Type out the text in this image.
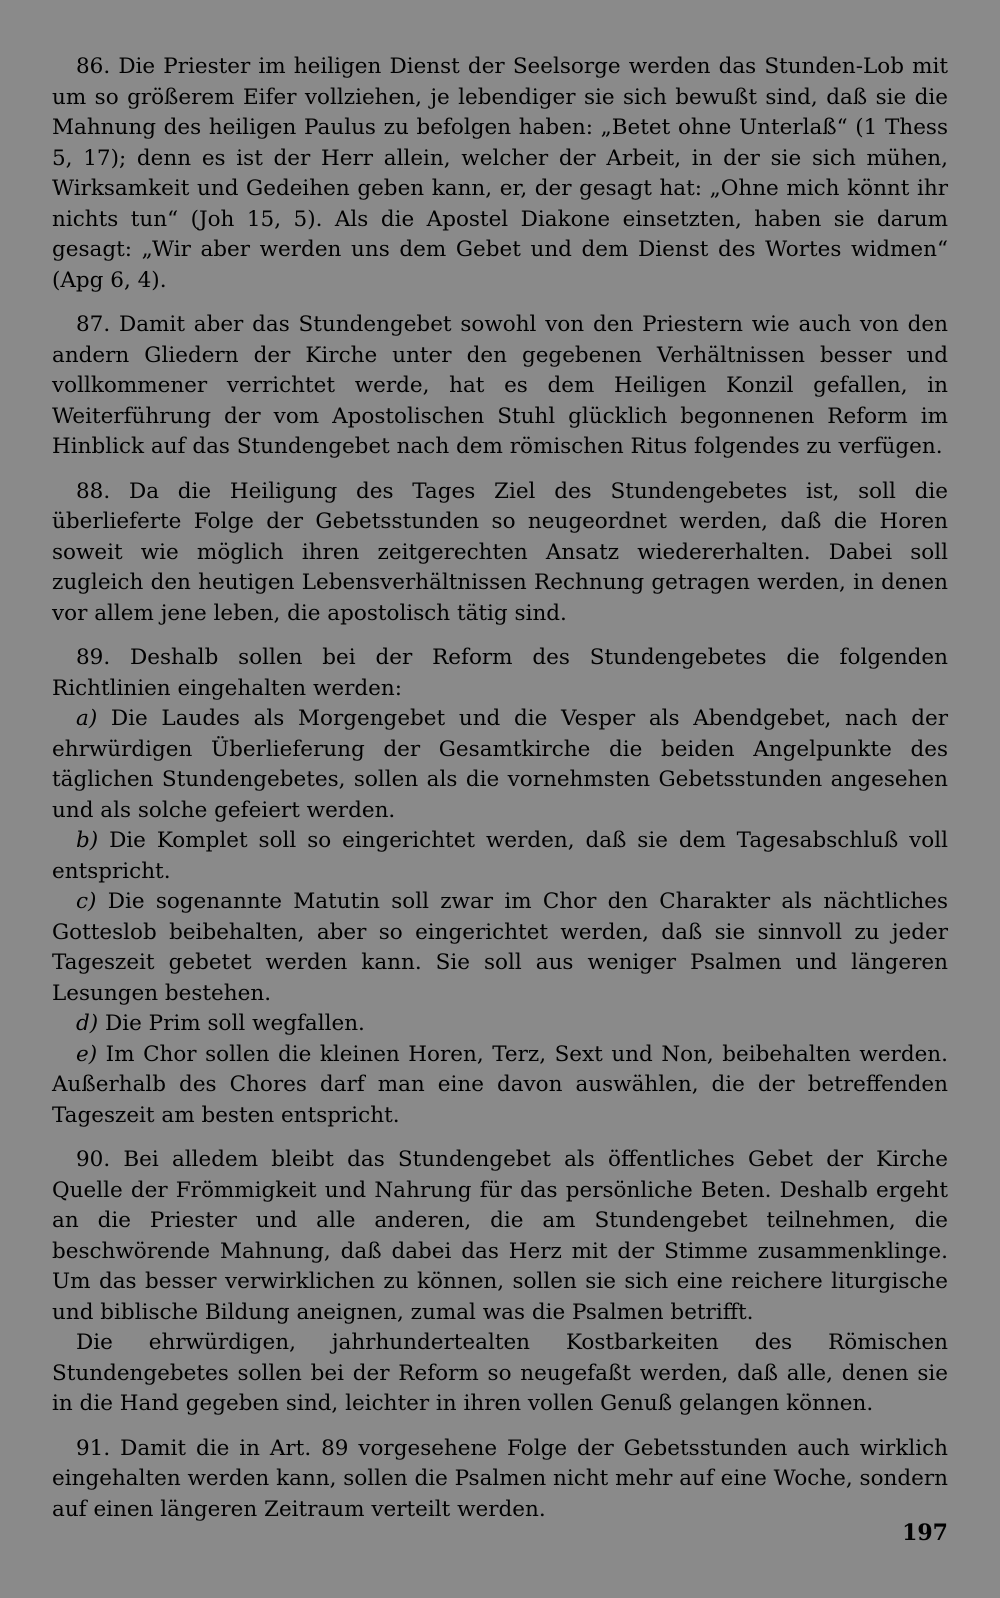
86. Die Priester im heiligen Dienst der Seelsorge werden das Stunden-Lob mit um so größerem Eifer vollziehen, je lebendiger sie sich bewußt sind, daß sie die Mahnung des heiligen Paulus zu befolgen haben: „Betet ohne Unterlaß“ (1 Thess 5, 17); denn es ist der Herr allein, welcher der Arbeit, in der sie sich mühen, Wirksamkeit und Gedeihen geben kann, er, der gesagt hat: „Ohne mich könnt ihr nichts tun“ (Joh 15, 5). Als die Apostel Diakone einsetzten, haben sie darum gesagt: „Wir aber werden uns dem Gebet und dem Dienst des Wortes widmen“ (Apg 6, 4).

87. Damit aber das Stundengebet sowohl von den Priestern wie auch von den andern Gliedern der Kirche unter den gegebenen Verhältnissen besser und vollkommener verrichtet werde, hat es dem Heiligen Konzil gefallen, in Weiterführung der vom Apostolischen Stuhl glücklich begonnenen Reform im Hinblick auf das Stundengebet nach dem römischen Ritus folgendes zu verfügen.

88. Da die Heiligung des Tages Ziel des Stundengebetes ist, soll die überlieferte Folge der Gebetsstunden so neugeordnet werden, daß die Horen soweit wie möglich ihren zeitgerechten Ansatz wiedererhalten. Dabei soll zugleich den heutigen Lebensverhältnissen Rechnung getragen werden, in denen vor allem jene leben, die apostolisch tätig sind.

89. Deshalb sollen bei der Reform des Stundengebetes die folgenden Richtlinien eingehalten werden:

a) Die Laudes als Morgengebet und die Vesper als Abendgebet, nach der ehrwürdigen Überlieferung der Gesamtkirche die beiden Angelpunkte des täglichen Stundengebetes, sollen als die vornehmsten Gebetsstunden angesehen und als solche gefeiert werden.

b) Die Komplet soll so eingerichtet werden, daß sie dem Tagesabschluß voll entspricht.

c) Die sogenannte Matutin soll zwar im Chor den Charakter als nächtliches Gotteslob beibehalten, aber so eingerichtet werden, daß sie sinnvoll zu jeder Tageszeit gebetet werden kann. Sie soll aus weniger Psalmen und längeren Lesungen bestehen.

d) Die Prim soll wegfallen.

e) Im Chor sollen die kleinen Horen, Terz, Sext und Non, beibehalten werden. Außerhalb des Chores darf man eine davon auswählen, die der betreffenden Tageszeit am besten entspricht.

90. Bei alledem bleibt das Stundengebet als öffentliches Gebet der Kirche Quelle der Frömmigkeit und Nahrung für das persönliche Beten. Deshalb ergeht an die Priester und alle anderen, die am Stundengebet teilnehmen, die beschwörende Mahnung, daß dabei das Herz mit der Stimme zusammenklinge. Um das besser verwirklichen zu können, sollen sie sich eine reichere liturgische und biblische Bildung aneignen, zumal was die Psalmen betrifft.

Die ehrwürdigen, jahrhundertealten Kostbarkeiten des Römischen Stundengebetes sollen bei der Reform so neugefaßt werden, daß alle, denen sie in die Hand gegeben sind, leichter in ihren vollen Genuß gelangen können.

91. Damit die in Art. 89 vorgesehene Folge der Gebetsstunden auch wirklich eingehalten werden kann, sollen die Psalmen nicht mehr auf eine Woche, sondern auf einen längeren Zeitraum verteilt werden.

197
